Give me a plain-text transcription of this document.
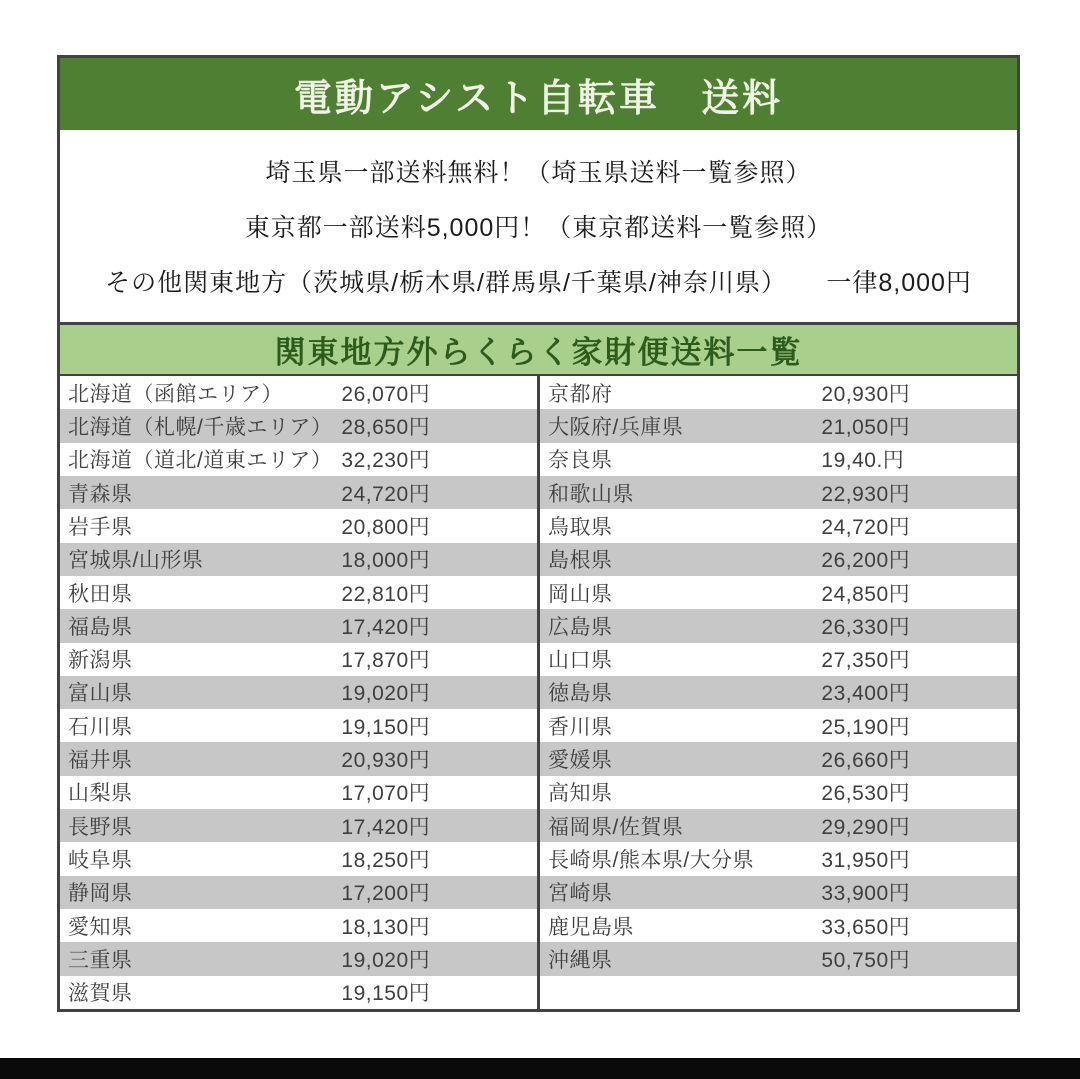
電動アシスト自転車　送料
埼玉県一部送料無料！（埼玉県送料一覧参照）
東京都一部送料5,000円！（東京都送料一覧参照）
その他関東地方（茨城県/栃木県/群馬県/千葉県/神奈川県）　　一律8,000円
関東地方外らくらく家財便送料一覧
北海道（函館エリア）	26,070円
北海道（札幌/千歳エリア） 28,650円
北海道（道北/道東エリア） 32,230円
青森県	24,720円
岩手県	20,800円
宮城県/山形県	18,000円
秋田県	22,810円
福島県	17,420円
新潟県	17,870円
富山県	19,020円
石川県	19,150円
福井県	20,930円
山梨県	17,070円
長野県	17,420円
岐阜県	18,250円
静岡県	17,200円
愛知県	18,130円
三重県	19,020円
滋賀県	19,150円
京都府	20,930円
大阪府/兵庫県	21,050円
奈良県	19,40.円
和歌山県	22,930円
鳥取県	24,720円
島根県	26,200円
岡山県	24,850円
広島県	26,330円
山口県	27,350円
徳島県	23,400円
香川県	25,190円
愛媛県	26,660円
高知県	26,530円
福岡県/佐賀県	29,290円
長崎県/熊本県/大分県	31,950円
宮崎県	33,900円
鹿児島県	33,650円
沖縄県	50,750円
